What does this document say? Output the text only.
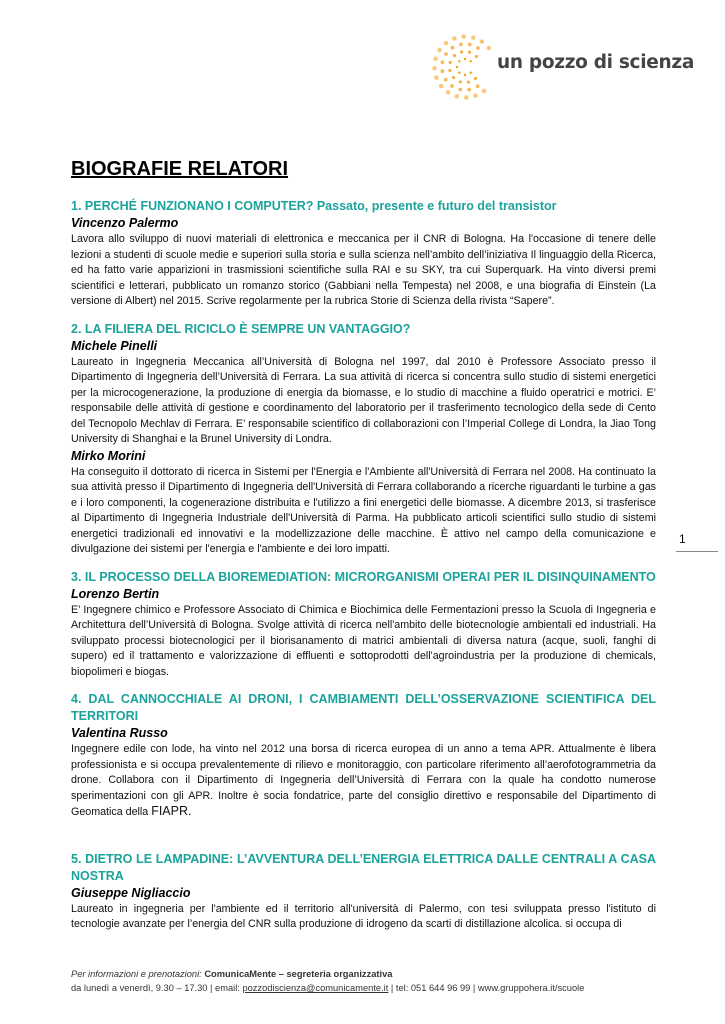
un pozzo di scienza
BIOGRAFIE RELATORI

1. PERCHÉ FUNZIONANO I COMPUTER? Passato, presente e futuro del transistor

Vincenzo Palermo

Lavora allo sviluppo di nuovi materiali di elettronica e meccanica per il CNR di Bologna. Ha l'occasione di tenere delle lezioni a studenti di scuole medie e superiori sulla storia e sulla scienza nell’ambito dell’iniziativa Il linguaggio della Ricerca, ed ha fatto varie apparizioni in trasmissioni scientifiche sulla RAI e su SKY, tra cui Superquark. Ha vinto diversi premi scientifici e letterari, pubblicato un romanzo storico (Gabbiani nella Tempesta) nel 2008, e una biografia di Einstein (La versione di Albert) nel 2015. Scrive regolarmente per la rubrica Storie di Scienza della rivista “Sapere”.

2. LA FILIERA DEL RICICLO È SEMPRE UN VANTAGGIO?

Michele Pinelli

Laureato in Ingegneria Meccanica all’Università di Bologna nel 1997, dal 2010 è Professore Associato presso il Dipartimento di Ingegneria dell’Università di Ferrara. La sua attività di ricerca si concentra sullo studio di sistemi energetici per la microcogenerazione, la produzione di energia da biomasse, e lo studio di macchine a fluido operatrici e motrici. E’ responsabile delle attività di gestione e coordinamento del laboratorio per il trasferimento tecnologico della sede di Cento del Tecnopolo Mechlav di Ferrara. E’ responsabile scientifico di collaborazioni con l’Imperial College di Londra, la Jiao Tong University di Shanghai e la Brunel University di Londra.

Mirko Morini

Ha conseguito il dottorato di ricerca in Sistemi per l'Energia e l'Ambiente all'Università di Ferrara nel 2008. Ha continuato la sua attività presso il Dipartimento di Ingegneria dell'Università di Ferrara collaborando a ricerche riguardanti le turbine a gas e i loro componenti, la cogenerazione distribuita e l'utilizzo a fini energetici delle biomasse. A dicembre 2013, si trasferisce al Dipartimento di Ingegneria Industriale dell'Università di Parma. Ha pubblicato articoli scientifici sullo studio di sistemi energetici tradizionali ed innovativi e la modellizzazione delle macchine. È attivo nel campo della comunicazione e divulgazione dei sistemi per l'energia e l'ambiente e dei loro impatti.

3. IL PROCESSO DELLA BIOREMEDIATION: MICRORGANISMI OPERAI PER IL DISINQUINAMENTO

Lorenzo Bertin

E’ Ingegnere chimico e Professore Associato di Chimica e Biochimica delle Fermentazioni presso la Scuola di Ingegneria e Architettura dell’Università di Bologna. Svolge attività di ricerca nell'ambito delle biotecnologie ambientali ed industriali. Ha sviluppato processi biotecnologici per il biorisanamento di matrici ambientali di diversa natura (acque, suoli, fanghi di supero) ed il trattamento e valorizzazione di effluenti e sottoprodotti dell'agroindustria per la produzione di chemicals, biopolimeri e biogas.

4. DAL CANNOCCHIALE AI DRONI, I CAMBIAMENTI DELL’OSSERVAZIONE SCIENTIFICA DEL TERRITORI

Valentina Russo

Ingegnere edile con lode, ha vinto nel 2012 una borsa di ricerca europea di un anno a tema APR. Attualmente è libera professionista e si occupa prevalentemente di rilievo e monitoraggio, con particolare riferimento all’aerofotogrammetria da drone. Collabora con il Dipartimento di Ingegneria dell’Università di Ferrara con la quale ha condotto numerose sperimentazioni con gli APR. Inoltre è socia fondatrice, parte del consiglio direttivo e responsabile del Dipartimento di Geomatica della FIAPR.

5. DIETRO LE LAMPADINE: L’AVVENTURA DELL’ENERGIA ELETTRICA DALLE CENTRALI A CASA NOSTRA

Giuseppe Nigliaccio

Laureato in ingegneria per l'ambiente ed il territorio all'università di Palermo, con tesi sviluppata presso l'istituto di tecnologie avanzate per l’energia del CNR sulla produzione di idrogeno da scarti di distillazione alcolica. si occupa di

1
Per informazioni e prenotazioni: ComunicaMente – segreteria organizzativa
da lunedì a venerdì, 9.30 – 17.30 | email: pozzodiscienza@comunicamente.it | tel: 051 644 96 99 | www.gruppohera.it/scuole
